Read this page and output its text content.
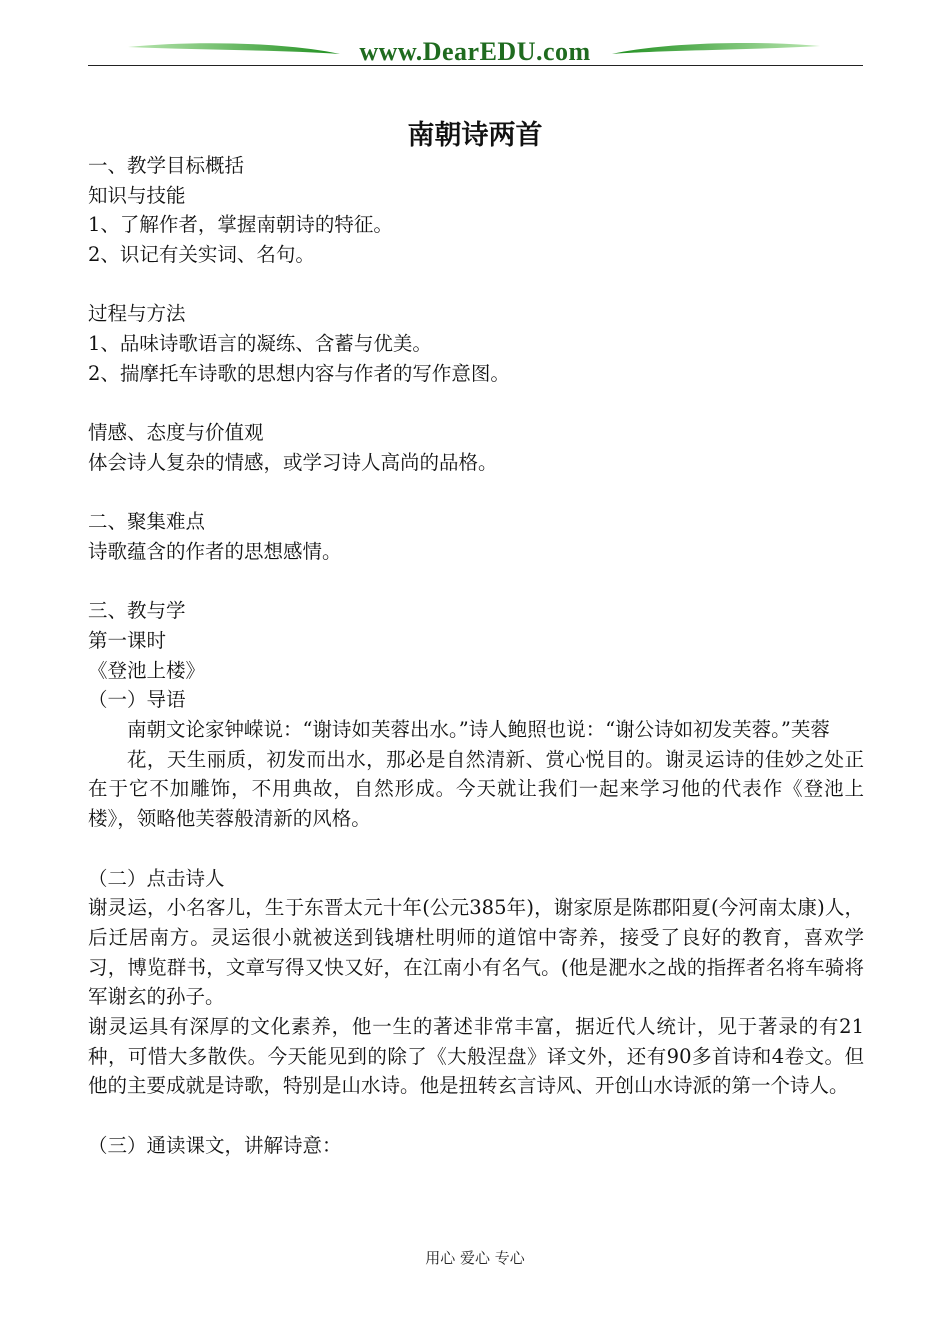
www.DearEDU.com
南朝诗两首
一、教学目标概括
知识与技能
1、了解作者，掌握南朝诗的特征。
2、识记有关实词、名句。
过程与方法
1、品味诗歌语言的凝练、含蓄与优美。
2、揣摩托车诗歌的思想内容与作者的写作意图。
情感、态度与价值观
体会诗人复杂的情感，或学习诗人高尚的品格。
二、聚集难点
诗歌蕴含的作者的思想感情。
三、教与学
第一课时
《登池上楼》
（一）导语
南朝文论家钟嵘说：“谢诗如芙蓉出水。”诗人鲍照也说：“谢公诗如初发芙蓉。”芙蓉
花，天生丽质，初发而出水，那必是自然清新、赏心悦目的。谢灵运诗的佳妙之处正在于它不加雕饰，不用典故，自然形成。今天就让我们一起来学习他的代表作《登池上楼》，领略他芙蓉般清新的风格。
（二）点击诗人
谢灵运，小名客儿，生于东晋太元十年(公元385年)，谢家原是陈郡阳夏(今河南太康)人，后迁居南方。灵运很小就被送到钱塘杜明师的道馆中寄养，接受了良好的教育，喜欢学习，博览群书，文章写得又快又好，在江南小有名气。(他是淝水之战的指挥者名将车骑将军谢玄的孙子。
谢灵运具有深厚的文化素养，他一生的著述非常丰富，据近代人统计，见于著录的有21种，可惜大多散佚。今天能见到的除了《大般涅盘》译文外，还有90多首诗和4卷文。但他的主要成就是诗歌，特别是山水诗。他是扭转玄言诗风、开创山水诗派的第一个诗人。
（三）通读课文，讲解诗意：
用心 爱心 专心
